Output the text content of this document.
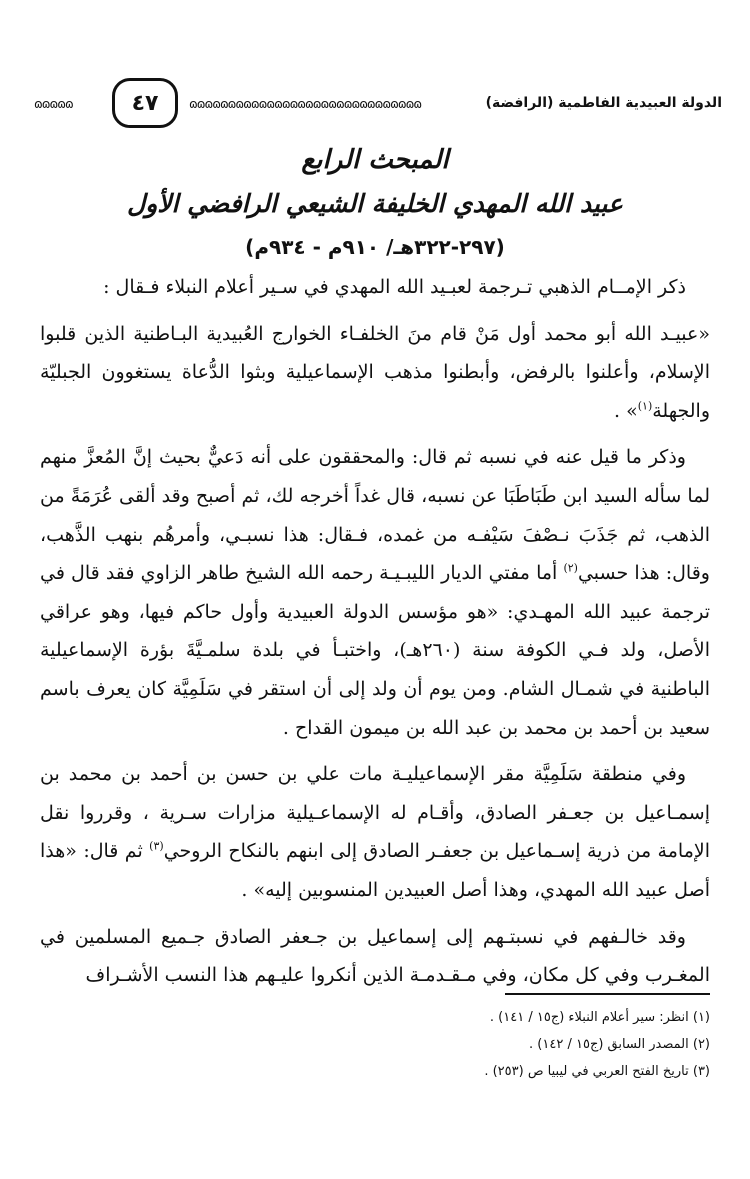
الدولة العبيدية الفاطمية (الرافضة)
ɷɷɷɷɷɷɷɷɷɷɷɷɷɷɷɷɷɷɷɷɷɷɷɷɷɷɷɷɷɷ
٤٧
ɷɷɷɷɷ
المبحث الرابع
عبيد الله المهدي الخليفة الشيعي الرافضي الأول
(٢٩٧-٣٢٢هـ/ ٩١٠م - ٩٣٤م)

ذكر الإمــام الذهبي تـرجمة لعبـيد الله المهدي في سـير أعلام النبلاء فـقال :

«عبيـد الله أبو محمد أول مَنْ قام منَ الخلفـاء الخوارج العُبيدية البـاطنية الذين قلبوا الإسلام، وأعلنوا بالرفض، وأبطنوا مذهب الإسماعيلية وبثوا الدُّعاة يستغوون الجبليّة والجهلة$^{(١)}$» .

وذكر ما قيل عنه في نسبه ثم قال: والمحققون على أنه دَعيٌّ بحيث إنَّ المُعزَّ منهم لما سأله السيد ابن طَبَاطَبَا عن نسبه، قال غداً أخرجه لك، ثم أصبح وقد ألقى عُرَمَةً من الذهب، ثم جَذَبَ نـصْفَ سَيْفـه من غمده، فـقال: هذا نسبـي، وأمرهُم بنهب الذَّهب، وقال: هذا حسبي$^{(٢)}$ أما مفتي الديار الليبـيـة رحمه الله الشيخ طاهر الزاوي فقد قال في ترجمة عبيد الله المهـدي: «هو مؤسس الدولة العبيدية وأول حاكم فيها، وهو عراقي الأصل، ولد فـي الكوفة سنة (٢٦٠هـ)، واختبـأ في بلدة سلمـيَّةَ بؤرة الإسماعيلية الباطنية في شمـال الشام. ومن يوم أن ولد إلى أن استقر في سَلَمِيَّة كان يعرف باسم سعيد بن أحمد بن محمد بن عبد الله بن ميمون القداح .

وفي منطقة سَلَمِيَّة مقر الإسماعيليـة مات علي بن حسن بن أحمد بن محمد بن إسمـاعيل بن جعـفر الصادق، وأقـام له الإسماعـيلية مزارات سـرية ، وقرروا نقل الإمامة من ذرية إسـماعيل بن جعفـر الصادق إلى ابنهم بالنكاح الروحي$^{(٣)}$ ثم قال: «هذا أصل عبيد الله المهدي، وهذا أصل العبيدين المنسوبين إليه» .

وقد خالـفهم في نسبتـهم إلى إسماعيل بن جـعفر الصادق جـميع المسلمين في المغـرب وفي كل مكان، وفي مـقـدمـة الذين أنكروا عليـهم هذا النسب الأشـراف

(١) انظر: سير أعلام النبلاء (ج١٥ / ١٤١) .
(٢) المصدر السابق (ج١٥ / ١٤٢) .
(٣) تاريخ الفتح العربي في ليبيا ص (٢٥٣) .
